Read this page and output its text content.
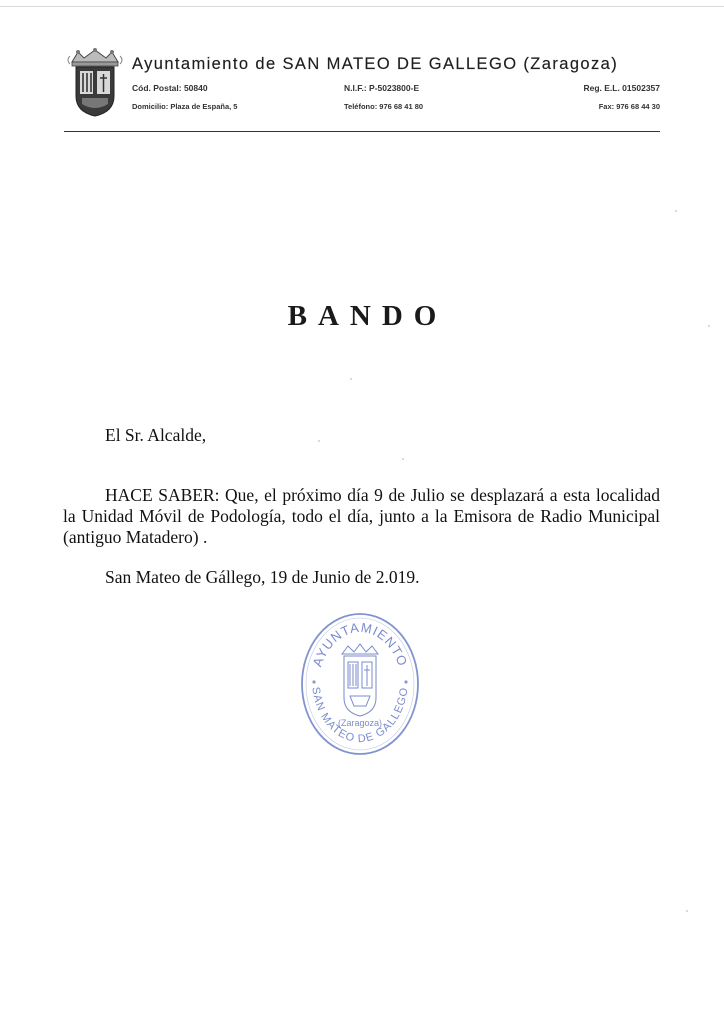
Ayuntamiento de SAN MATEO DE GALLEGO (Zaragoza)
Cód. Postal: 50840	N.I.F.: P-5023800-E	Reg. E.L. 01502357
Domicilio: Plaza de España, 5	Teléfono: 976 68 41 80	Fax: 976 68 44 30
BANDO
El Sr. Alcalde,
HACE SABER: Que, el próximo día 9 de Julio se desplazará a esta localidad la Unidad Móvil de Podología, todo el día, junto a la Emisora de Radio Municipal (antiguo Matadero) .
San Mateo de Gállego, 19 de Junio de 2.019.
AYUNTAMIENTO
SAN MATEO DE GALLEGO
(Zaragoza)
